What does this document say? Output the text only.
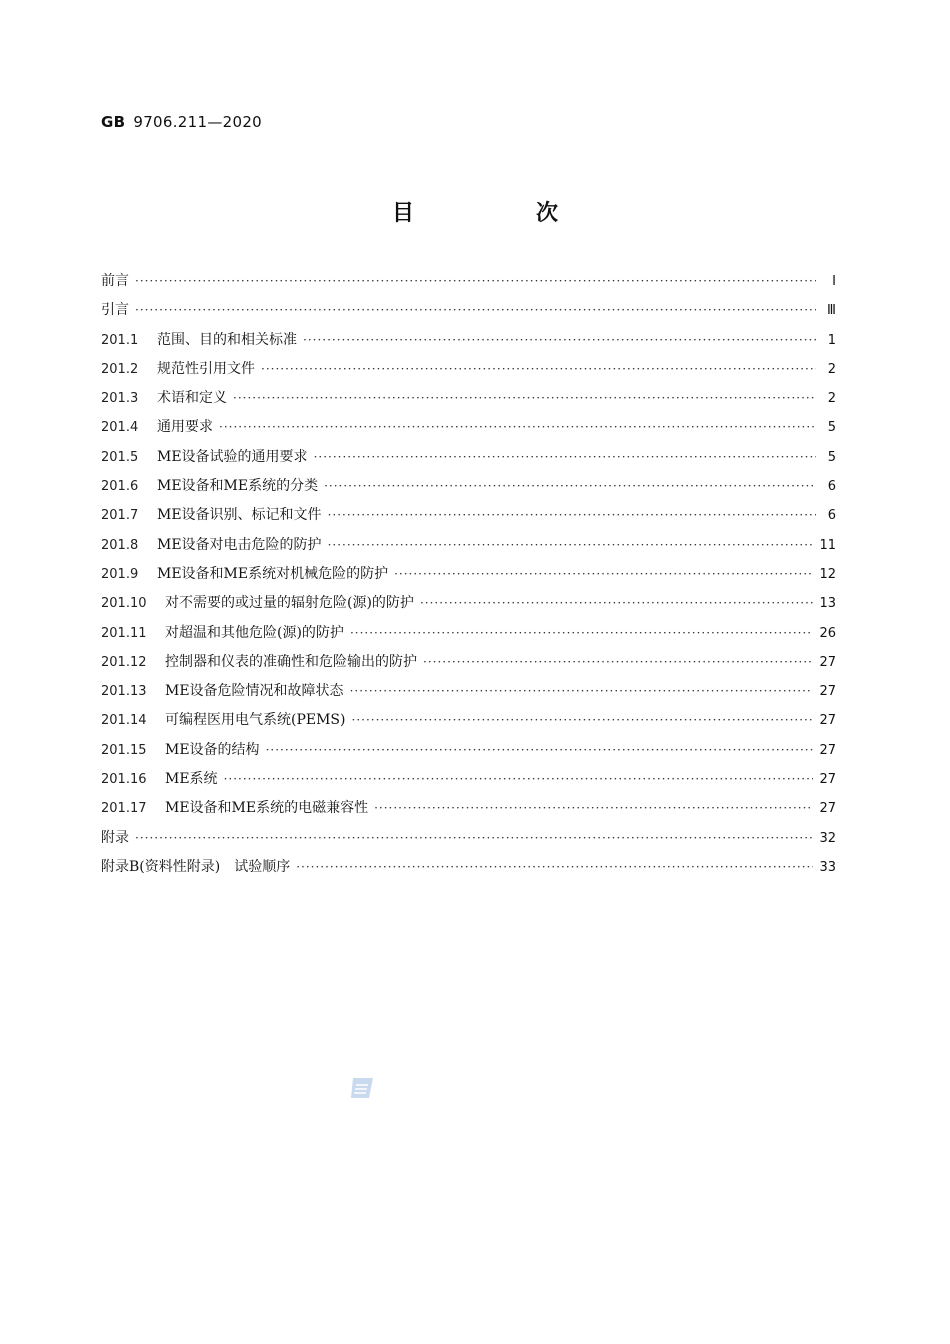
GB 9706.211—2020
目　次
前言 ·····	Ⅰ
引言 ·····	Ⅲ
201.1	范围、目的和相关标准 ·····	1
201.2	规范性引用文件 ·····	2
201.3	术语和定义 ·····	2
201.4	通用要求 ·····	5
201.5	ME设备试验的通用要求 ·····	5
201.6	ME设备和ME系统的分类 ·····	6
201.7	ME设备识别、标记和文件 ·····	6
201.8	ME设备对电击危险的防护 ·····	11
201.9	ME设备和ME系统对机械危险的防护 ·····	12
201.10	对不需要的或过量的辐射危险(源)的防护 ·····	13
201.11	对超温和其他危险(源)的防护 ·····	26
201.12	控制器和仪表的准确性和危险输出的防护 ·····	27
201.13	ME设备危险情况和故障状态 ·····	27
201.14	可编程医用电气系统(PEMS) ·····	27
201.15	ME设备的结构 ·····	27
201.16	ME系统 ·····	27
201.17	ME设备和ME系统的电磁兼容性 ·····	27
附录 ·····	32
附录B(资料性附录)　试验顺序 ·····	33
